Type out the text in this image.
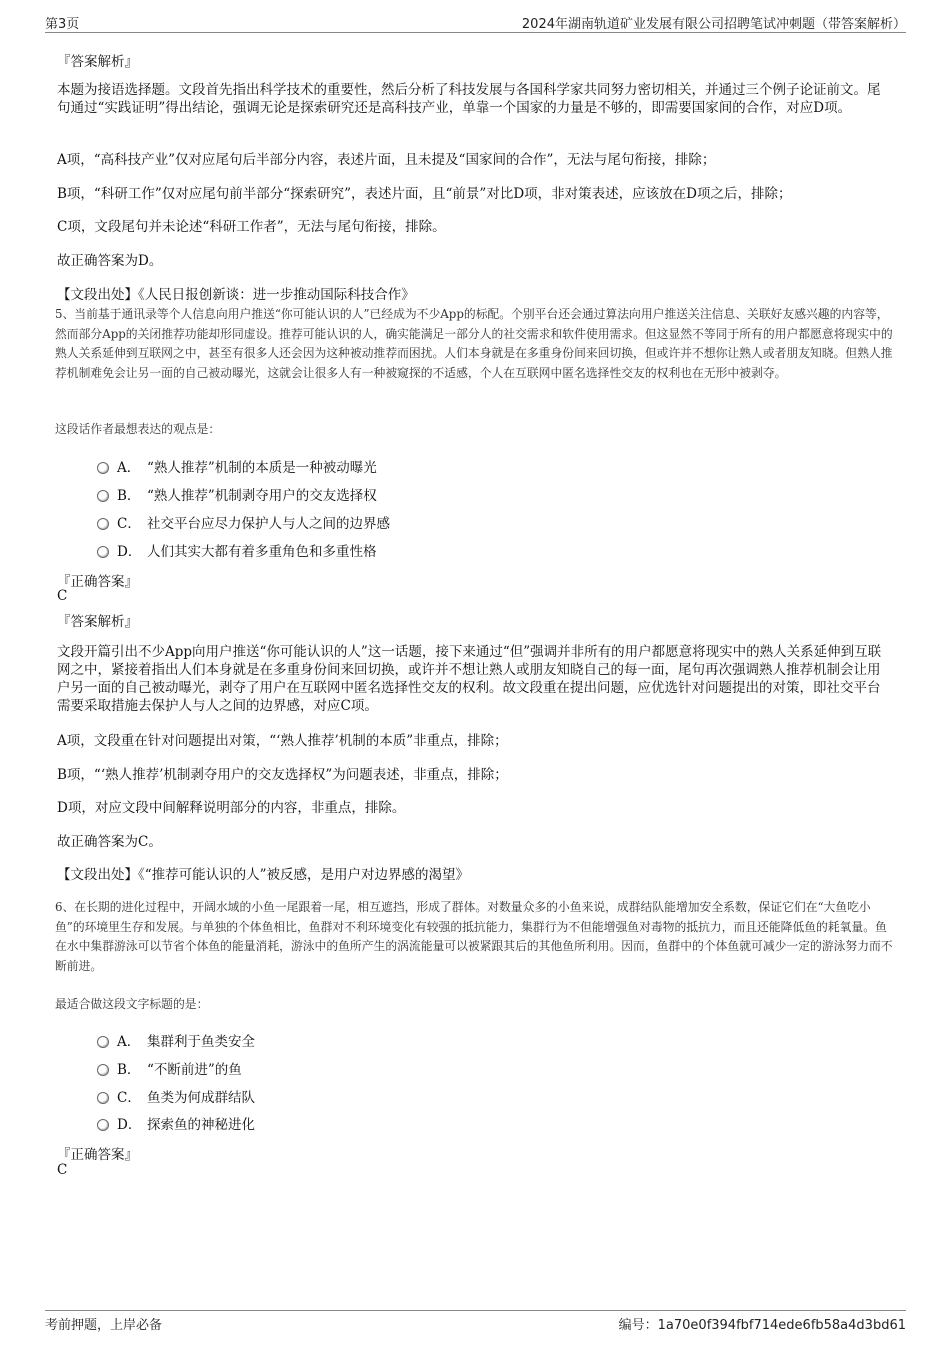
第3页	2024年湖南轨道矿业发展有限公司招聘笔试冲刺题（带答案解析）
『答案解析』
本题为接语选择题。文段首先指出科学技术的重要性，然后分析了科技发展与各国科学家共同努力密切相关，并通过三个例子论证前文。尾句通过“实践证明”得出结论，强调无论是探索研究还是高科技产业，单靠一个国家的力量是不够的，即需要国家间的合作，对应D项。
A项，“高科技产业”仅对应尾句后半部分内容，表述片面，且未提及“国家间的合作”，无法与尾句衔接，排除；
B项，“科研工作”仅对应尾句前半部分“探索研究”，表述片面，且“前景”对比D项，非对策表述，应该放在D项之后，排除；
C项，文段尾句并未论述“科研工作者”，无法与尾句衔接，排除。
故正确答案为D。
【文段出处】《人民日报创新谈：进一步推动国际科技合作》
5、当前基于通讯录等个人信息向用户推送“你可能认识的人”已经成为不少App的标配。个别平台还会通过算法向用户推送关注信息、关联好友感兴趣的内容等，然而部分App的关闭推荐功能却形同虚设。推荐可能认识的人，确实能满足一部分人的社交需求和软件使用需求。但这显然不等同于所有的用户都愿意将现实中的熟人关系延伸到互联网之中，甚至有很多人还会因为这种被动推荐而困扰。人们本身就是在多重身份间来回切换，但或许并不想你让熟人或者朋友知晓。但熟人推荐机制难免会让另一面的自己被动曝光，这就会让很多人有一种被窥探的不适感，个人在互联网中匿名选择性交友的权利也在无形中被剥夺。
这段话作者最想表达的观点是：
A． “熟人推荐”机制的本质是一种被动曝光
B． “熟人推荐”机制剥夺用户的交友选择权
C． 社交平台应尽力保护人与人之间的边界感
D． 人们其实大都有着多重角色和多重性格
『正确答案』
C
『答案解析』
文段开篇引出不少App向用户推送“你可能认识的人”这一话题，接下来通过“但”强调并非所有的用户都愿意将现实中的熟人关系延伸到互联网之中，紧接着指出人们本身就是在多重身份间来回切换，或许并不想让熟人或朋友知晓自己的每一面，尾句再次强调熟人推荐机制会让用户另一面的自己被动曝光，剥夺了用户在互联网中匿名选择性交友的权利。故文段重在提出问题，应优选针对问题提出的对策，即社交平台需要采取措施去保护人与人之间的边界感，对应C项。
A项，文段重在针对问题提出对策，“‘熟人推荐’机制的本质”非重点，排除；
B项，“‘熟人推荐’机制剥夺用户的交友选择权”为问题表述，非重点，排除；
D项，对应文段中间解释说明部分的内容，非重点，排除。
故正确答案为C。
【文段出处】《“推荐可能认识的人”被反感，是用户对边界感的渴望》
6、在长期的进化过程中，开阔水域的小鱼一尾跟着一尾，相互遮挡，形成了群体。对数量众多的小鱼来说，成群结队能增加安全系数，保证它们在“大鱼吃小鱼”的环境里生存和发展。与单独的个体鱼相比，鱼群对不利环境变化有较强的抵抗能力，集群行为不但能增强鱼对毒物的抵抗力，而且还能降低鱼的耗氧量。鱼在水中集群游泳可以节省个体鱼的能量消耗，游泳中的鱼所产生的涡流能量可以被紧跟其后的其他鱼所利用。因而，鱼群中的个体鱼就可减少一定的游泳努力而不断前进。
最适合做这段文字标题的是：
A． 集群利于鱼类安全
B． “不断前进”的鱼
C． 鱼类为何成群结队
D． 探索鱼的神秘进化
『正确答案』
C
考前押题，上岸必备	编号：1a70e0f394fbf714ede6fb58a4d3bd61
